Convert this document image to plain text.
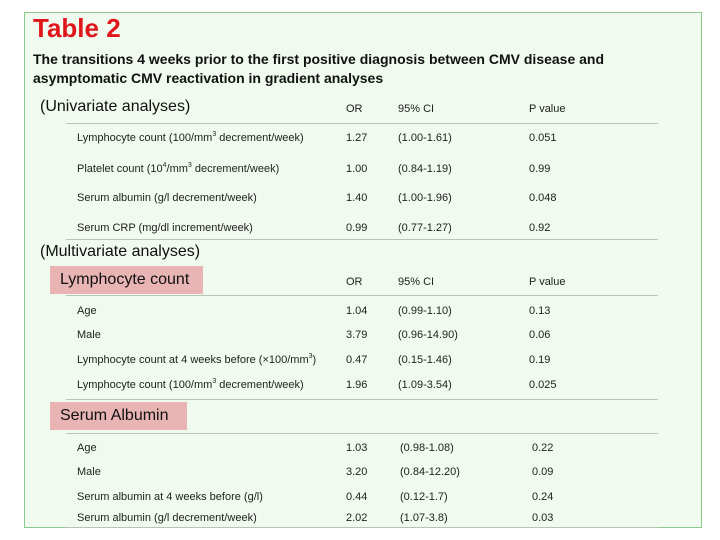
Table 2
The transitions 4 weeks prior to the first positive diagnosis between CMV disease and asymptomatic CMV reactivation in gradient analyses
(Univariate analyses)	OR	95% CI	P value
Lymphocyte count ($100/mm^3$ decrement/week)	1.27	(1.00-1.61)	0.051
Platelet count ($10^4/mm^3$ decrement/week)	1.00	(0.84-1.19)	0.99
Serum albumin (g/l decrement/week)	1.40	(1.00-1.96)	0.048
Serum CRP (mg/dl increment/week)	0.99	(0.77-1.27)	0.92
(Multivariate analyses)
Lymphocyte count	OR	95% CI	P value
Age	1.04	(0.99-1.10)	0.13
Male	3.79	(0.96-14.90)	0.06
Lymphocyte count at 4 weeks before $(\times 100/mm^3)$	0.47	(0.15-1.46)	0.19
Lymphocyte count ($100/mm^3$ decrement/week)	1.96	(1.09-3.54)	0.025
Serum Albumin
Age	1.03	(0.98-1.08)	0.22
Male	3.20	(0.84-12.20)	0.09
Serum albumin at 4 weeks before (g/l)	0.44	(0.12-1.7)	0.24
Serum albumin (g/l decrement/week)	2.02	(1.07-3.8)	0.03
